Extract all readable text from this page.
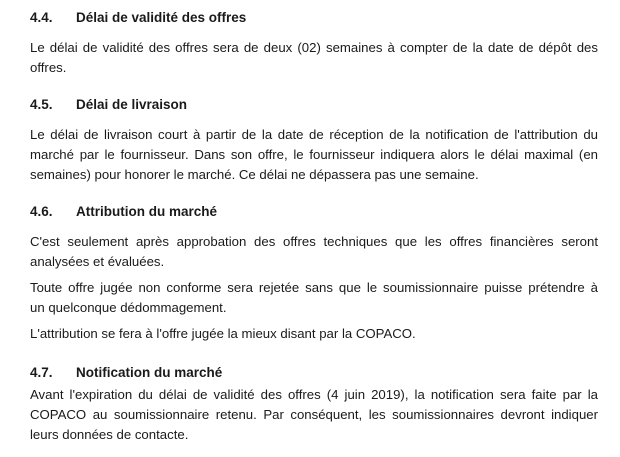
4.4. Délai de validité des offres
Le délai de validité des offres sera de deux (02) semaines à compter de la date de dépôt des
offres.
4.5. Délai de livraison
Le délai de livraison court à partir de la date de réception de la notification de l'attribution du
marché par le fournisseur. Dans son offre, le fournisseur indiquera alors le délai maximal (en
semaines) pour honorer le marché. Ce délai ne dépassera pas une semaine.
4.6. Attribution du marché
C'est seulement après approbation des offres techniques que les offres financières seront
analysées et évaluées.
Toute offre jugée non conforme sera rejetée sans que le soumissionnaire puisse prétendre à
un quelconque dédommagement.
L'attribution se fera à l'offre jugée la mieux disant par la COPACO.
4.7. Notification du marché
Avant l'expiration du délai de validité des offres (4 juin 2019), la notification sera faite par la
COPACO au soumissionnaire retenu. Par conséquent, les soumissionnaires devront indiquer
leurs données de contacte.
